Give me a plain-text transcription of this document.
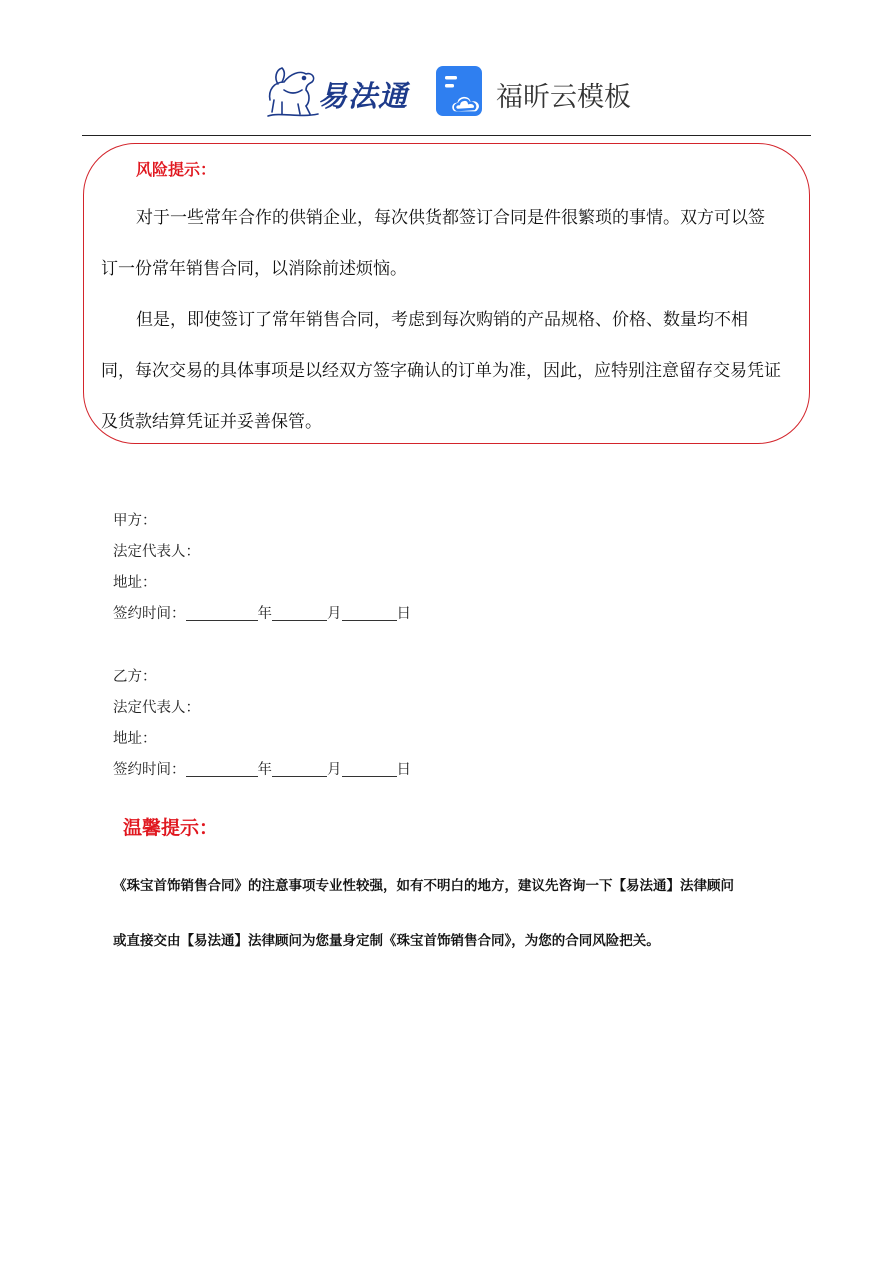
易法通	福昕云模板
风险提示：

对于一些常年合作的供销企业，每次供货都签订合同是件很繁琐的事情。双方可以签订一份常年销售合同，以消除前述烦恼。

但是，即使签订了常年销售合同，考虑到每次购销的产品规格、价格、数量均不相同，每次交易的具体事项是以经双方签字确认的订单为准，因此，应特别注意留存交易凭证及货款结算凭证并妥善保管。

甲方：
法定代表人：
地址：
签约时间：	年	月	日
乙方：
法定代表人：
地址：
签约时间：	年	月	日
温馨提示：
《珠宝首饰销售合同》的注意事项专业性较强，如有不明白的地方，建议先咨询一下【易法通】法律顾问
或直接交由【易法通】法律顾问为您量身定制《珠宝首饰销售合同》，为您的合同风险把关。
